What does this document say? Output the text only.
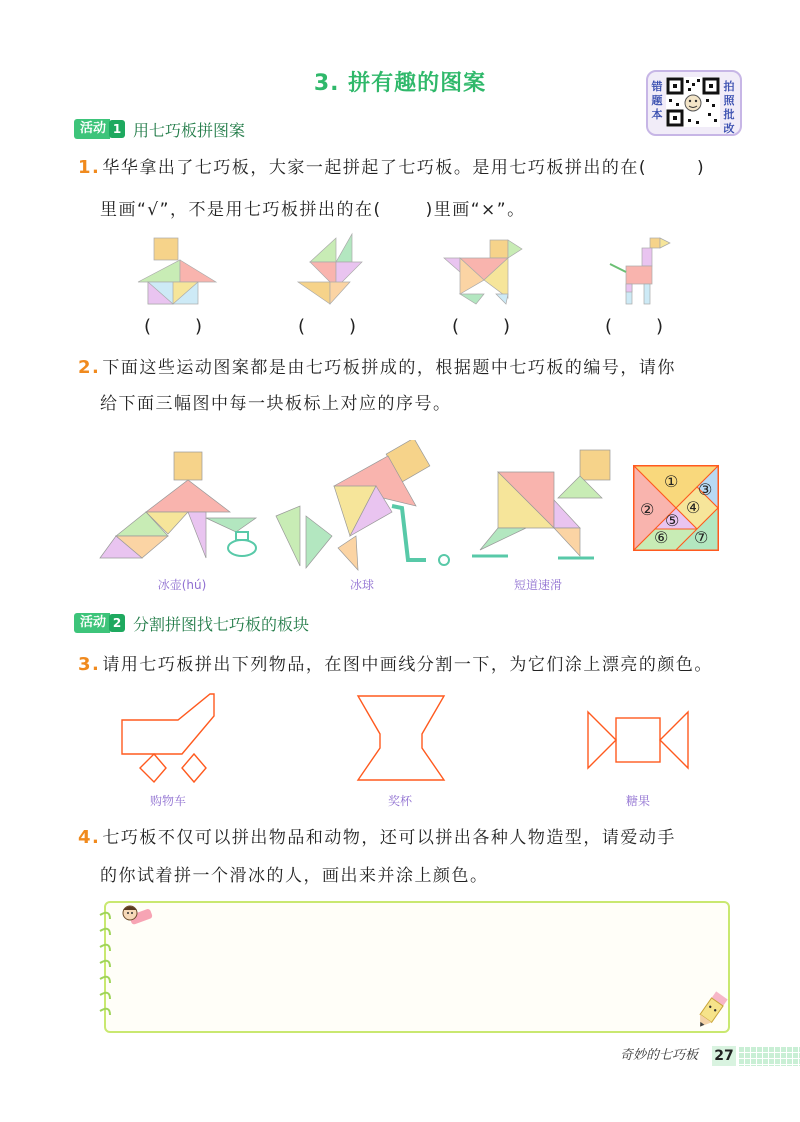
3. 拼有趣的图案	错题本
拍照批改
活动 1 用七巧板拼图案
1. 华华拿出了七巧板，大家一起拼起了七巧板。是用七巧板拼出的在(	)
里画“√”，不是用七巧板拼出的在(	)里画“×”。
( )	( )	( )	( )
2. 下面这些运动图案都是由七巧板拼成的，根据题中七巧板的编号，请你
给下面三幅图中每一块板标上对应的序号。
①
②
③
④
⑤
⑥ ⑦
冰壶(hú)	冰球	短道速滑
活动 2 分割拼图找七巧板的板块
3. 请用七巧板拼出下列物品，在图中画线分割一下，为它们涂上漂亮的颜色。
购物车	奖杯	糖果
4. 七巧板不仅可以拼出物品和动物，还可以拼出各种人物造型，请爱动手
的你试着拼一个滑冰的人，画出来并涂上颜色。
奇妙的七巧板 27
